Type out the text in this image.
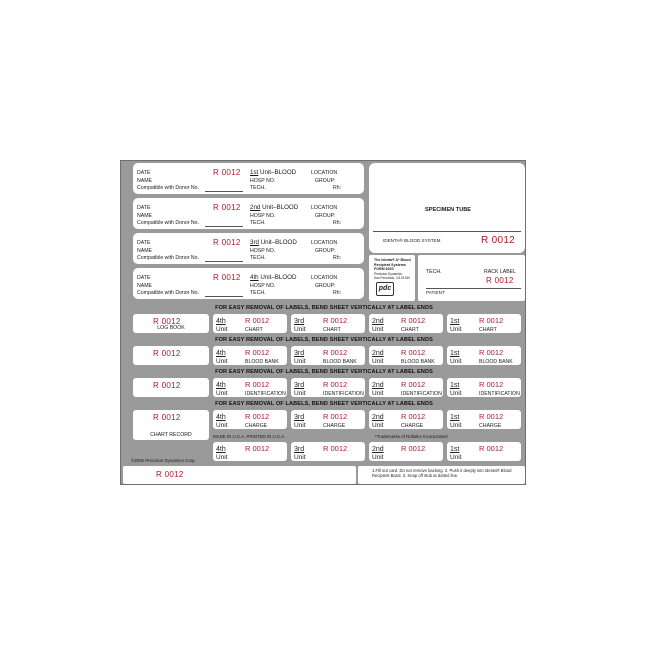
DATE	R 0012 1st Unit–BLOOD	LOCATION
NAME	HOSP NO.	GROUP:
Compatible with Donor No.	TECH.	Rh:
DATE	R 0012 2nd Unit–BLOOD LOCATION
NAME	HOSP NO.	GROUP:
Compatible with Donor No.	TECH.	Rh:
DATE	R 0012 3rd Unit–BLOOD	LOCATION
NAME	HOSP NO.	GROUP:
Compatible with Donor No.	TECH.	Rh:
DATE	R 0012 4th Unit–BLOOD	LOCATION
NAME	HOSP NO.	GROUP:
Compatible with Donor No.	TECH.	Rh:
SPECIMEN TUBE
IDENTA® BLOOD SYSTEM	R 0012
The Identa® A* Blood
Recipient Systems
FORM 6020
Precision Dynamics
San Fernando, CA 91340
pdc
TECH.	RACK LABEL
R 0012
PATIENT
FOR EASY REMOVAL OF LABELS, BEND SHEET VERTICALLY AT LABEL ENDS
FOR EASY REMOVAL OF LABELS, BEND SHEET VERTICALLY AT LABEL ENDS
FOR EASY REMOVAL OF LABELS, BEND SHEET VERTICALLY AT LABEL ENDS
FOR EASY REMOVAL OF LABELS, BEND SHEET VERTICALLY AT LABEL ENDS
R 0012
LOG BOOK
4th
Unit
R 0012
CHART
3rd
Unit
R 0012
CHART
2nd
Unit
R 0012
CHART
1st
Unit
R 0012
CHART
R 0012	4th
Unit
R 0012
BLOOD BANK
3rd
Unit
R 0012
BLOOD BANK
2nd
Unit
R 0012
BLOOD BANK
1st
Unit
R 0012
BLOOD BANK
R 0012	4th
Unit
R 0012
IDENTIFICATION
3rd
Unit
R 0012
IDENTIFICATION
2nd
Unit
R 0012
IDENTIFICATION
1st
Unit
R 0012
IDENTIFICATION
R 0012
CHART RECORD
4th
Unit
R 0012
CHARGE
3rd
Unit
R 0012
CHARGE
2nd
Unit
R 0012
CHARGE
1st
Unit
R 0012
CHARGE
4th
Unit
R 0012	3rd
Unit
R 0012	2nd
Unit
R 0012	1st
Unit
R 0012
MADE IN U.S.A. PRINTED IN U.S.A.	*Trademarks of Rollalex Incorporated
©2006 Precision Dynamics Corp.
R 0012	1.Fill out card. Do not remove backing. 2. Push it deeply into Identa® Blood Recipient Band. 3. Snap off stub at dotted line.
